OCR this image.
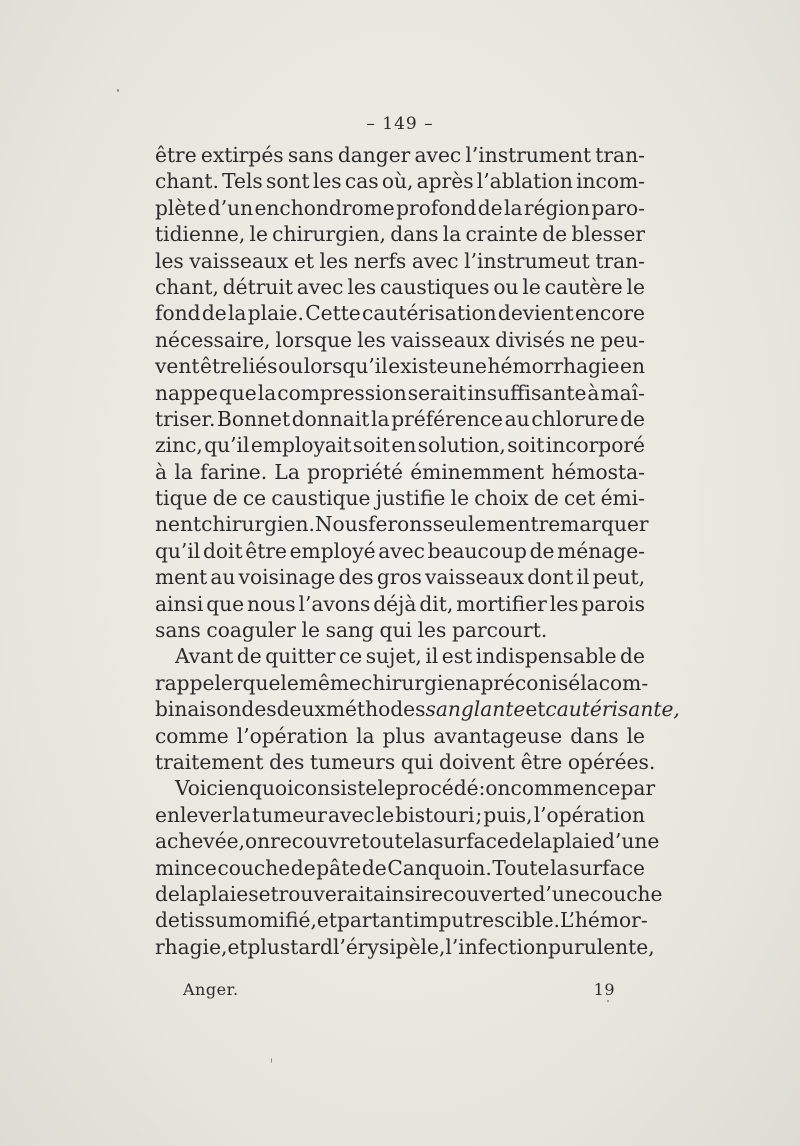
– 149 –
être extirpés sans danger avec l’instrument tran-
chant. Tels sont les cas où, après l’ablation incom-
plète d’un enchondrome profond de la région paro-
tidienne, le chirurgien, dans la crainte de blesser
les vaisseaux et les nerfs avec l’instrumeut tran-
chant, détruit avec les caustiques ou le cautère le
fond de la plaie. Cette cautérisation devient encore
nécessaire, lorsque les vaisseaux divisés ne peu-
vent être liés ou lorsqu’il existe une hémorrhagie en
nappe que la compression serait insuffisante à maî-
triser. Bonnet donnait la préférence au chlorure de
zinc, qu’il employait soit en solution, soit incorporé
à la farine. La propriété éminemment hémosta-
tique de ce caustique justifie le choix de cet émi-
nent chirurgien. Nous ferons seulement remarquer
qu’il doit être employé avec beaucoup de ménage-
ment au voisinage des gros vaisseaux dont il peut,
ainsi que nous l’avons déjà dit, mortifier les parois
sans coaguler le sang qui les parcourt.
Avant de quitter ce sujet, il est indispensable de
rappeler que le même chirurgien a préconisé la com-
binaison des deux méthodes sanglante et cautérisante,
comme l’opération la plus avantageuse dans le
traitement des tumeurs qui doivent être opérées.
Voici en quoi consiste le procédé : on commence par
enlever la tumeur avec le bistouri ; puis, l’opération
achevée, on recouvre toute la surface de la plaie d’une
mince couche de pâte de Canquoin. Toute la surface
de la plaie se trouverait ainsi recouverte d’une couche
de tissu momifié, et partant imputrescible. L’hémor-
rhagie, et plus tard l’érysipèle, l’infection purulente,
Anger.	19
